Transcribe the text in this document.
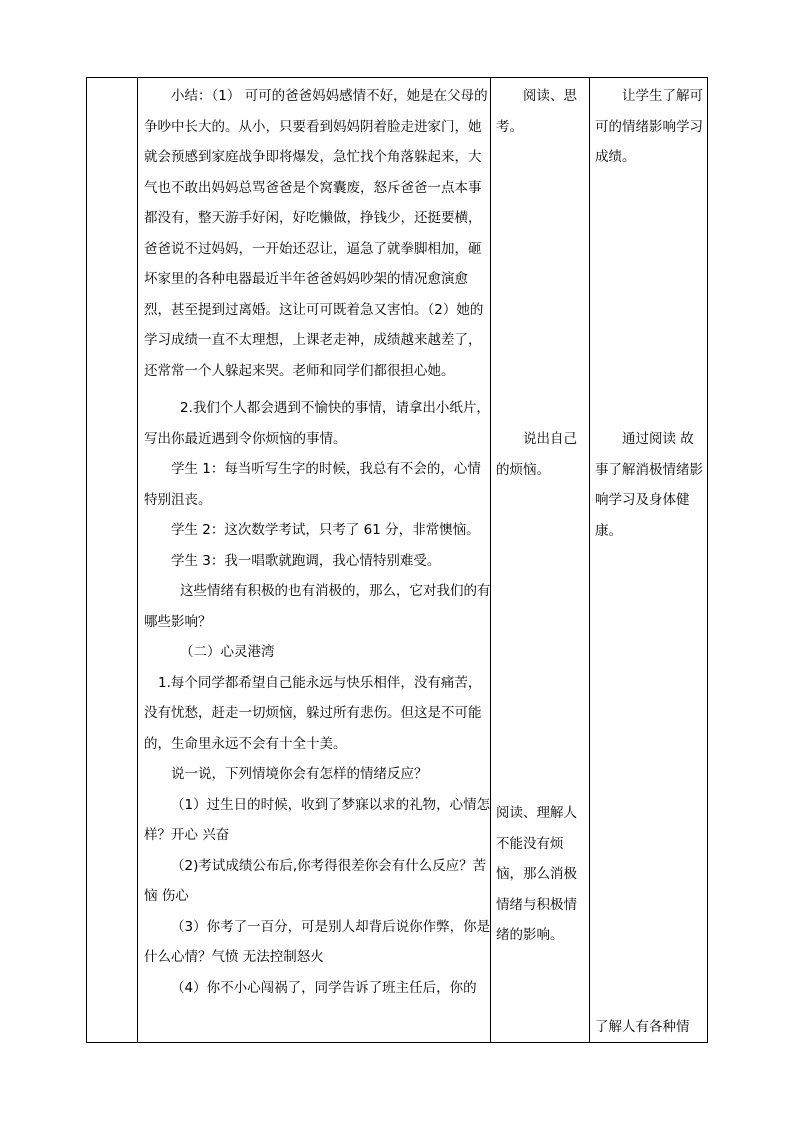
小结：（1） 可可的爸爸妈妈感情不好，她是在父母的争吵中长大的。从小，只要看到妈妈阴着脸走进家门，她就会预感到家庭战争即将爆发，急忙找个角落躲起来，大气也不敢出妈妈总骂爸爸是个窝囊废，怒斥爸爸一点本事都没有，整天游手好闲，好吃懒做，挣钱少，还挺要横，爸爸说不过妈妈，一开始还忍让，逼急了就拳脚相加，砸坏家里的各种电器最近半年爸爸妈妈吵架的情况愈演愈烈，甚至提到过离婚。这让可可既着急又害怕。（2）她的学习成绩一直不太理想，上课老走神，成绩越来越差了，还常常一个人躲起来哭。老师和同学们都很担心她。

2.我们个人都会遇到不愉快的事情，请拿出小纸片，写出你最近遇到令你烦恼的事情。

学生 1：每当听写生字的时候，我总有不会的，心情特别沮丧。

学生 2：这次数学考试，只考了 61 分，非常懊恼。

学生 3：我一唱歌就跑调，我心情特别难受。

这些情绪有积极的也有消极的，那么，它对我们的有哪些影响？

（二）心灵港湾

1.每个同学都希望自己能永远与快乐相伴，没有痛苦，没有忧愁，赶走一切烦恼，躲过所有悲伤。但这是不可能的，生命里永远不会有十全十美。

说一说，下列情境你会有怎样的情绪反应？

（1）过生日的时候，收到了梦寐以求的礼物，心情怎样？开心 兴奋

（2)考试成绩公布后,你考得很差你会有什么反应？苦恼 伤心

（3）你考了一百分，可是别人却背后说你作弊，你是什么心情？气愤 无法控制怒火

（4）你不小心闯祸了，同学告诉了班主任后，你的

阅读、思考。

说出自己的烦恼。

阅读、理解人不能没有烦恼，那么消极情绪与积极情绪的影响。

让学生了解可可的情绪影响学习成绩。

通过阅读 故事了解消极情绪影响学习及身体健康。

了解人有各种情
